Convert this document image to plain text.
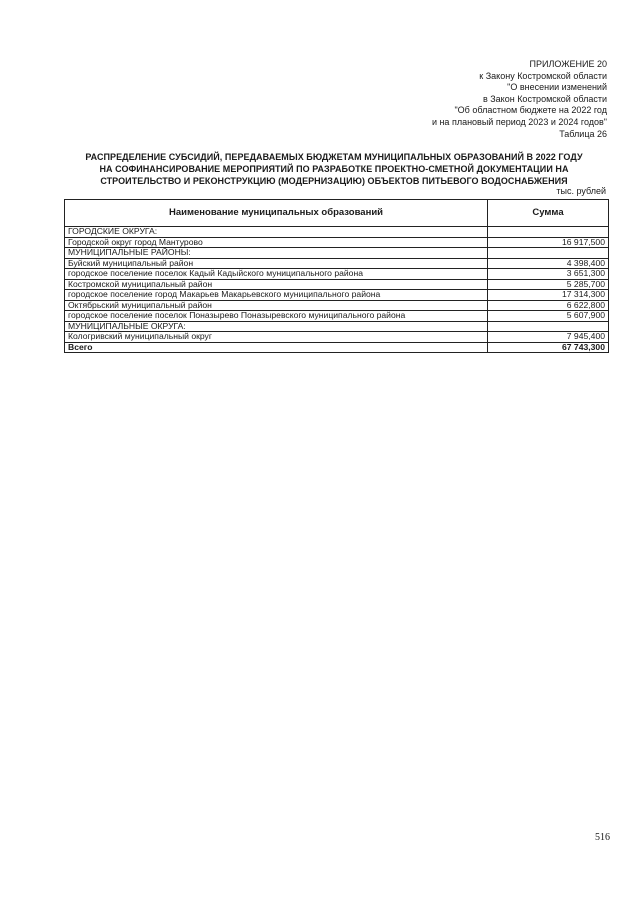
ПРИЛОЖЕНИЕ 20
к Закону Костромской области
"О внесении изменений
в Закон Костромской области
"Об областном бюджете на 2022 год
и на плановый период 2023 и 2024 годов"
Таблица 26
РАСПРЕДЕЛЕНИЕ СУБСИДИЙ, ПЕРЕДАВАЕМЫХ БЮДЖЕТАМ МУНИЦИПАЛЬНЫХ ОБРАЗОВАНИЙ В 2022 ГОДУ
НА СОФИНАНСИРОВАНИЕ МЕРОПРИЯТИЙ ПО РАЗРАБОТКЕ ПРОЕКТНО-СМЕТНОЙ ДОКУМЕНТАЦИИ НА
СТРОИТЕЛЬСТВО И РЕКОНСТРУКЦИЮ (МОДЕРНИЗАЦИЮ) ОБЪЕКТОВ ПИТЬЕВОГО ВОДОСНАБЖЕНИЯ
тыс. рублей
Наименование муниципальных образований	Сумма
ГОРОДСКИЕ ОКРУГА:	
Городской округ город Мантурово	16 917,500
МУНИЦИПАЛЬНЫЕ РАЙОНЫ:	
Буйский муниципальный район	4 398,400
городское поселение поселок Кадый Кадыйского муниципального района	3 651,300
Костромской муниципальный район	5 285,700
городское поселение город Макарьев Макарьевского муниципального района	17 314,300
Октябрьский муниципальный район	6 622,800
городское поселение поселок Поназырево Поназыревского муниципального района	5 607,900
МУНИЦИПАЛЬНЫЕ ОКРУГА:	
Кологривский муниципальный округ	7 945,400
Всего	67 743,300
516
